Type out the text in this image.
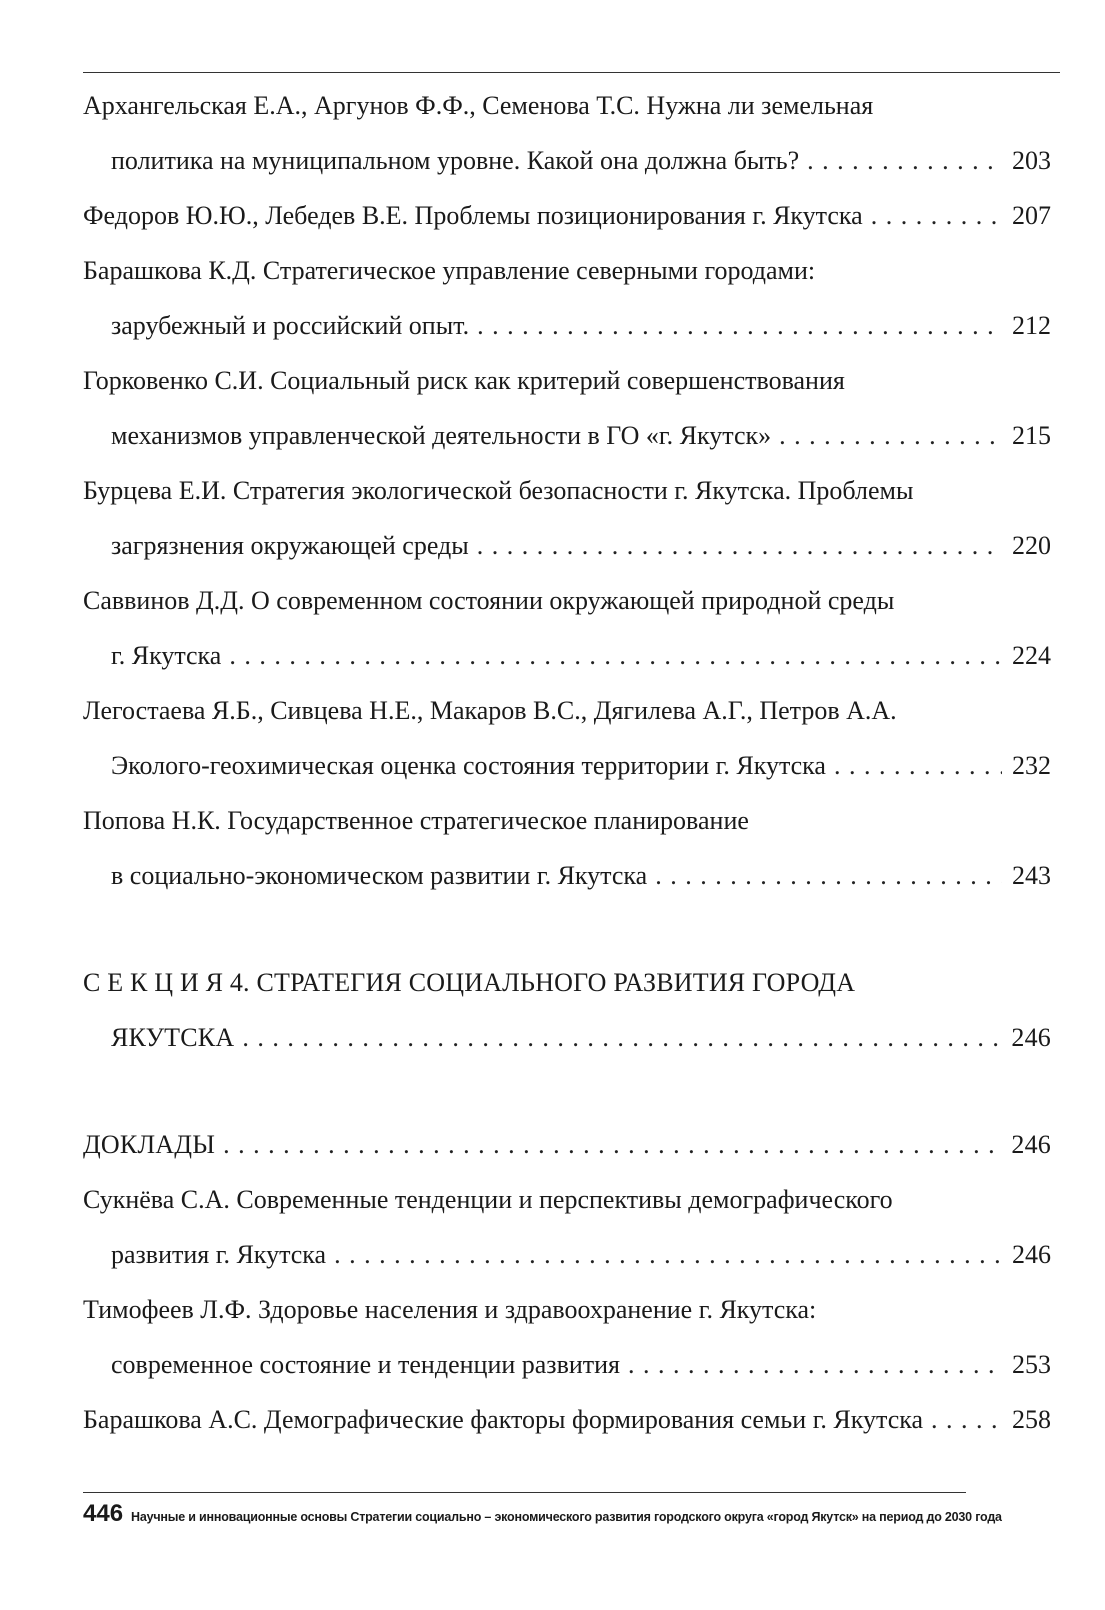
Архангельская Е.А., Аргунов Ф.Ф., Семенова Т.С. Нужна ли земельная
политика на муниципальном уровне. Какой она должна быть? . . .	203
Федоров Ю.Ю., Лебедев В.Е. Проблемы позиционирования г. Якутска . . .	207
Барашкова К.Д. Стратегическое управление северными городами:
зарубежный и российский опыт. . . .	212
Горковенко С.И. Социальный риск как критерий совершенствования
механизмов управленческой деятельности в ГО «г. Якутск» . . .	215
Бурцева Е.И. Стратегия экологической безопасности г. Якутска. Проблемы
загрязнения окружающей среды . . .	220
Саввинов Д.Д. О современном состоянии окружающей природной среды
г. Якутска . . .	224
Легостаева Я.Б., Сивцева Н.Е., Макаров В.С., Дягилева А.Г., Петров А.А.
Эколого-геохимическая оценка состояния территории г. Якутска . . .	232
Попова Н.К. Государственное стратегическое планирование
в социально-экономическом развитии г. Якутска . . .	243
С Е К Ц И Я 4. СТРАТЕГИЯ СОЦИАЛЬНОГО РАЗВИТИЯ ГОРОДА
ЯКУТСКА . . .	246
ДОКЛАДЫ . . .	246
Сукнёва С.А. Современные тенденции и перспективы демографического
развития г. Якутска . . .	246
Тимофеев Л.Ф. Здоровье населения и здравоохранение г. Якутска:
современное состояние и тенденции развития . . .	253
Барашкова А.С. Демографические факторы формирования семьи г. Якутска . . .	258
446 Научные и инновационные основы Стратегии социально – экономического развития городского округа «город Якутск» на период до 2030 года
